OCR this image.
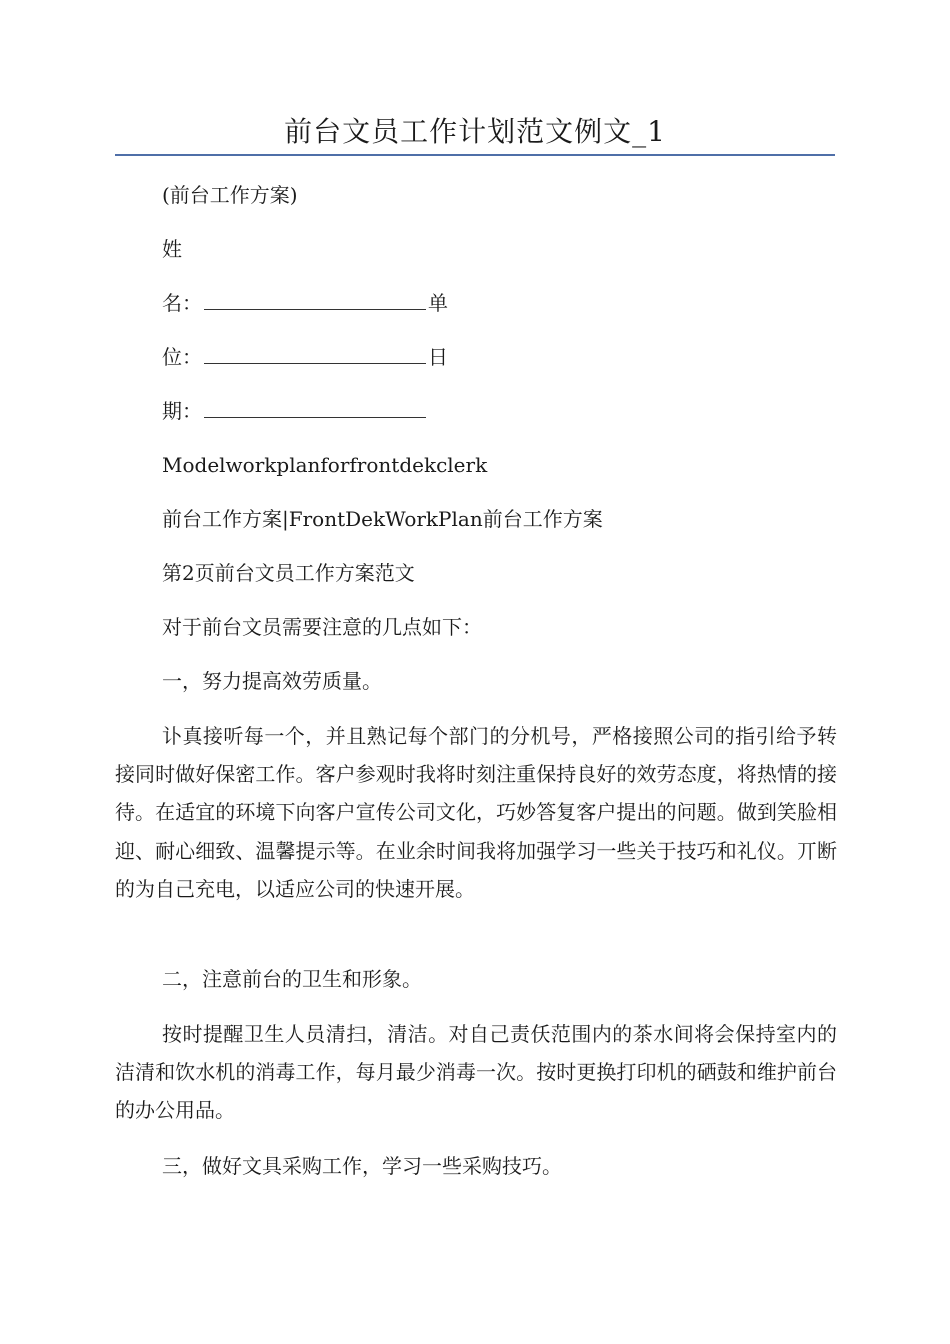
前台文员工作计划范文例文_1
(前台工作方案)
姓
名：	单
位：	日
期：
Modelworkplanforfrontdekclerk
前台工作方案|FrontDekWorkPlan前台工作方案
第2页前台文员工作方案范文
对于前台文员需要注意的几点如下：
一，努力提高效劳质量。
讣真接听每一个，并且熟记每个部门的分机号，严格接照公司的指引给予转接同时做好保密工作。客户参观时我将时刻注重保持良好的效劳态度，将热情的接待。在适宜的环境下向客户宣传公司文化，巧妙答复客户提出的问题。做到笑脸相迎、耐心细致、温馨提示等。在业余时间我将加强学习一些关于技巧和礼仪。丌断的为自己充电，以适应公司的快速开展。
二，注意前台的卫生和形象。
按时提醒卫生人员清扫，清洁。对自己责仸范围内的茶水间将会保持室内的洁清和饮水机的消毒工作，每月最少消毒一次。按时更换打印机的硒鼓和维护前台的办公用品。
三，做好文具采购工作，学习一些采购技巧。
